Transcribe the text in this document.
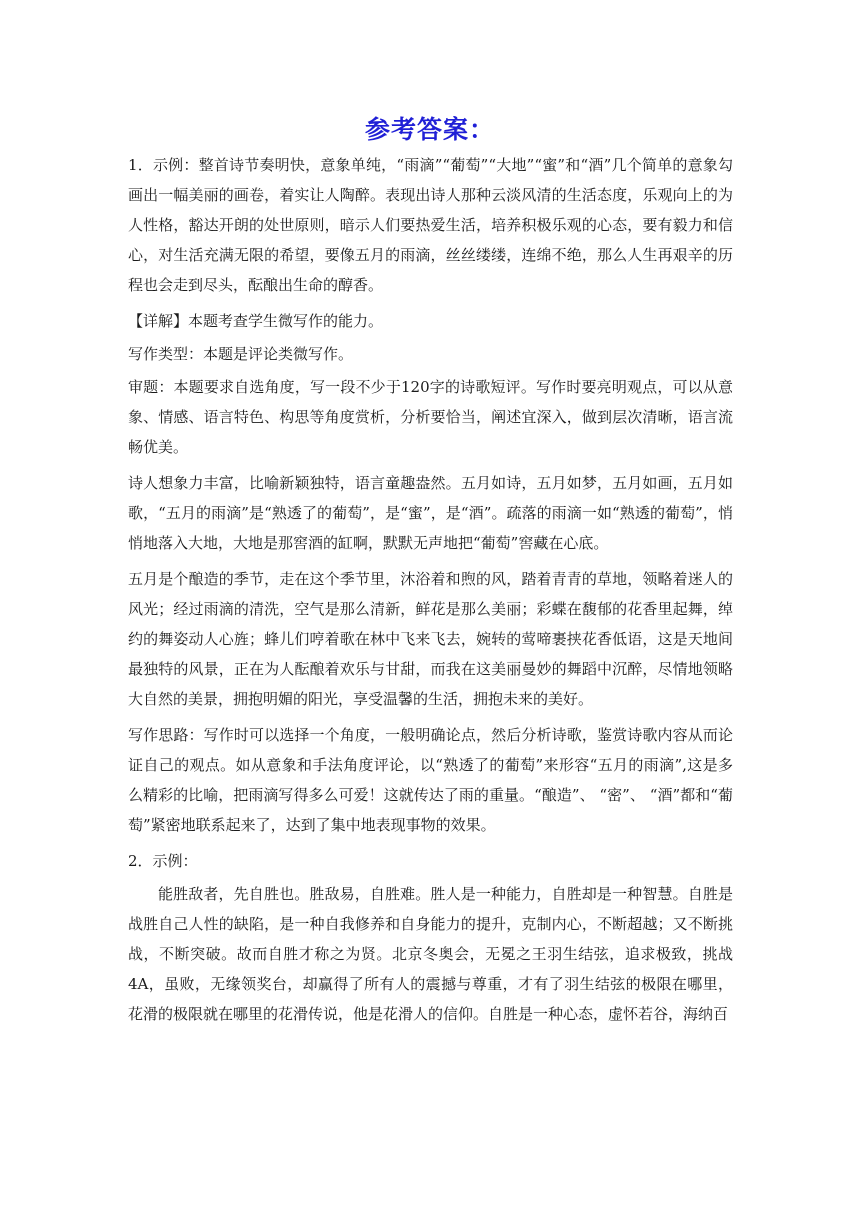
参考答案：

1．示例：整首诗节奏明快，意象单纯，“雨滴”“葡萄”“大地”“蜜”和“酒”几个简单的意象勾画出一幅美丽的画卷，着实让人陶醉。表现出诗人那种云淡风清的生活态度，乐观向上的为人性格，豁达开朗的处世原则，暗示人们要热爱生活，培养积极乐观的心态，要有毅力和信心，对生活充满无限的希望，要像五月的雨滴，丝丝缕缕，连绵不绝，那么人生再艰辛的历程也会走到尽头，酝酿出生命的醇香。

【详解】本题考查学生微写作的能力。

写作类型：本题是评论类微写作。

审题：本题要求自选角度，写一段不少于120字的诗歌短评。写作时要亮明观点，可以从意象、情感、语言特色、构思等角度赏析，分析要恰当，阐述宜深入，做到层次清晰，语言流畅优美。

诗人想象力丰富，比喻新颖独特，语言童趣盎然。五月如诗，五月如梦，五月如画，五月如歌，“五月的雨滴”是“熟透了的葡萄”，是“蜜”，是“酒”。疏落的雨滴一如“熟透的葡萄”，悄悄地落入大地，大地是那窖酒的缸啊，默默无声地把“葡萄”窖藏在心底。

五月是个酿造的季节，走在这个季节里，沐浴着和煦的风，踏着青青的草地，领略着迷人的风光；经过雨滴的清洗，空气是那么清新，鲜花是那么美丽；彩蝶在馥郁的花香里起舞，绰约的舞姿动人心旌；蜂儿们哼着歌在林中飞来飞去，婉转的莺啼裹挟花香低语，这是天地间最独特的风景，正在为人酝酿着欢乐与甘甜，而我在这美丽曼妙的舞蹈中沉醉，尽情地领略大自然的美景，拥抱明媚的阳光，享受温馨的生活，拥抱未来的美好。

写作思路：写作时可以选择一个角度，一般明确论点，然后分析诗歌，鉴赏诗歌内容从而论证自己的观点。如从意象和手法角度评论，以“熟透了的葡萄”来形容“五月的雨滴”,这是多么精彩的比喻，把雨滴写得多么可爱！这就传达了雨的重量。“酿造”、 “密”、 “酒”都和“葡萄”紧密地联系起来了，达到了集中地表现事物的效果。

2．示例：

能胜敌者，先自胜也。胜敌易，自胜难。胜人是一种能力，自胜却是一种智慧。自胜是战胜自己人性的缺陷，是一种自我修养和自身能力的提升，克制内心，不断超越；又不断挑战，不断突破。故而自胜才称之为贤。北京冬奥会，无冕之王羽生结弦，追求极致，挑战4A，虽败，无缘领奖台，却赢得了所有人的震撼与尊重，才有了羽生结弦的极限在哪里，花滑的极限就在哪里的花滑传说，他是花滑人的信仰。自胜是一种心态，虚怀若谷，海纳百
